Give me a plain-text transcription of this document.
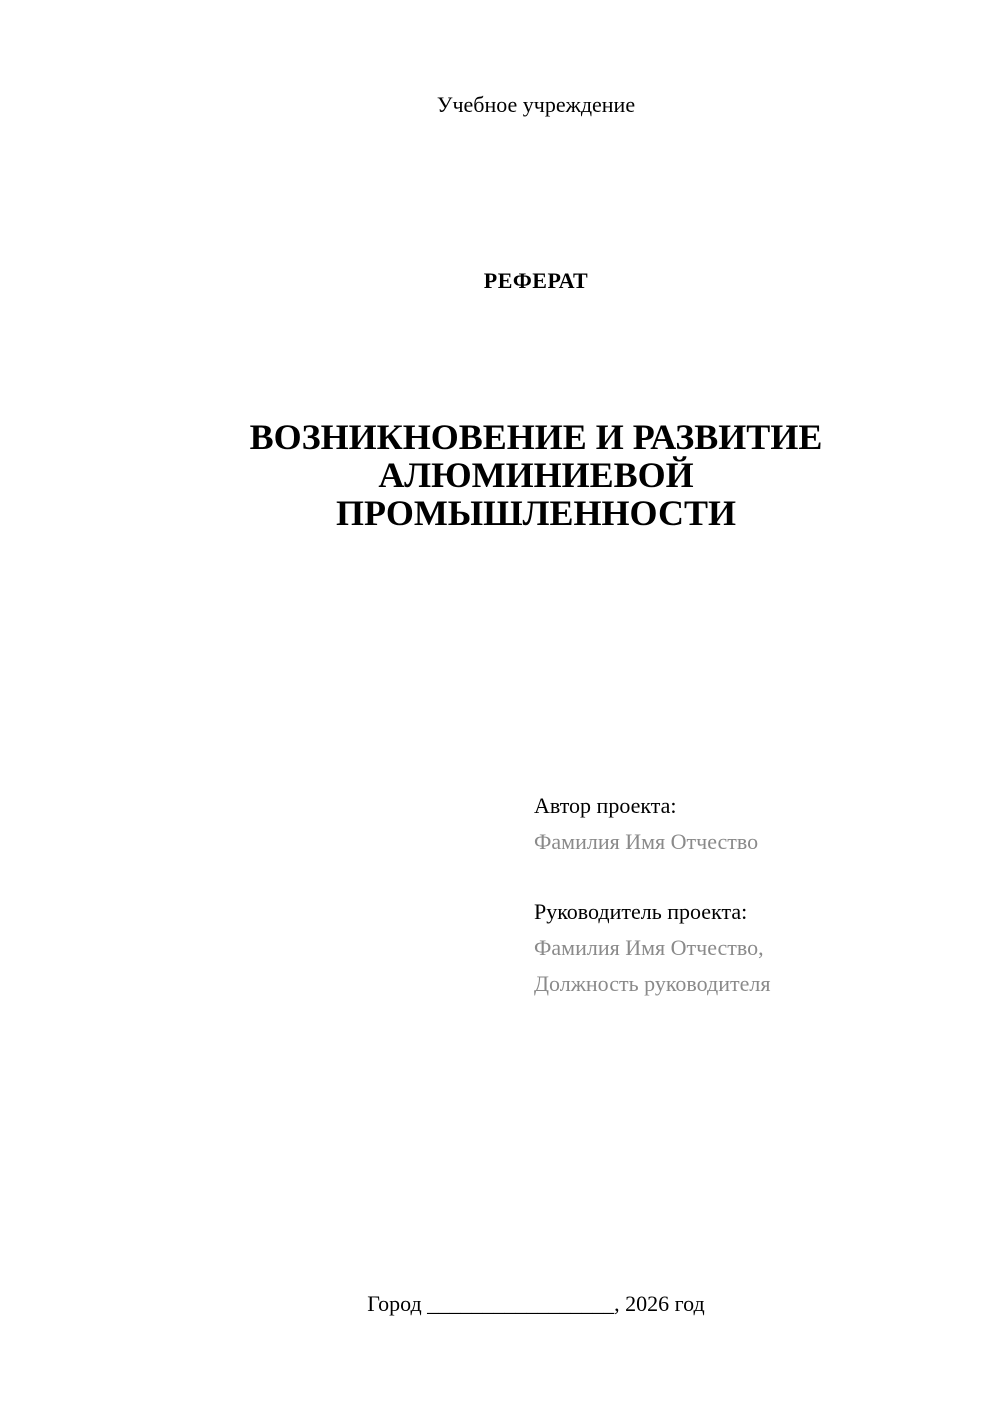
Учебное учреждение
РЕФЕРАТ
ВОЗНИКНОВЕНИЕ И РАЗВИТИЕ
АЛЮМИНИЕВОЙ
ПРОМЫШЛЕННОСТИ
Автор проекта:
Фамилия Имя Отчество
Руководитель проекта:
Фамилия Имя Отчество,
Должность руководителя
Город _________________, 2026 год
